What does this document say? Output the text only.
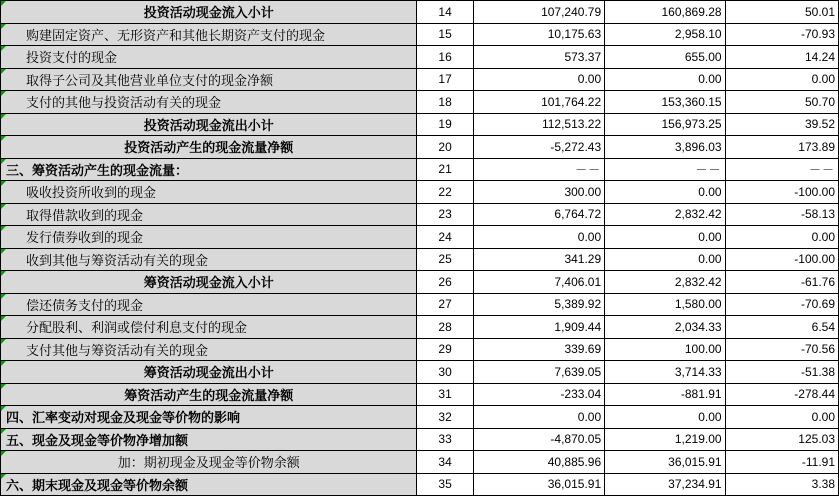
投资活动现金流入小计	14	107,240.79	160,869.28	50.01

购建固定资产、无形资产和其他长期资产支付的现金	15	10,175.63	2,958.10	-70.93

投资支付的现金	16	573.37	655.00	14.24

取得子公司及其他营业单位支付的现金净额	17	0.00	0.00	0.00

支付的其他与投资活动有关的现金	18	101,764.22	153,360.15	50.70

投资活动现金流出小计	19	112,513.22	156,973.25	39.52

投资活动产生的现金流量净额	20	-5,272.43	3,896.03	173.89

三、筹资活动产生的现金流量：	21	－－	－－	－－

吸收投资所收到的现金	22	300.00	0.00	-100.00

取得借款收到的现金	23	6,764.72	2,832.42	-58.13

发行债券收到的现金	24	0.00	0.00	0.00

收到其他与筹资活动有关的现金	25	341.29	0.00	-100.00

筹资活动现金流入小计	26	7,406.01	2,832.42	-61.76

偿还债务支付的现金	27	5,389.92	1,580.00	-70.69

分配股利、利润或偿付利息支付的现金	28	1,909.44	2,034.33	6.54

支付其他与筹资活动有关的现金	29	339.69	100.00	-70.56

筹资活动现金流出小计	30	7,639.05	3,714.33	-51.38

筹资活动产生的现金流量净额	31	-233.04	-881.91	-278.44

四、汇率变动对现金及现金等价物的影响	32	0.00	0.00	0.00

五、现金及现金等价物净增加额	33	-4,870.05	1,219.00	125.03

加：期初现金及现金等价物余额	34	40,885.96	36,015.91	-11.91

六、期末现金及现金等价物余额	35	36,015.91	37,234.91	3.38
